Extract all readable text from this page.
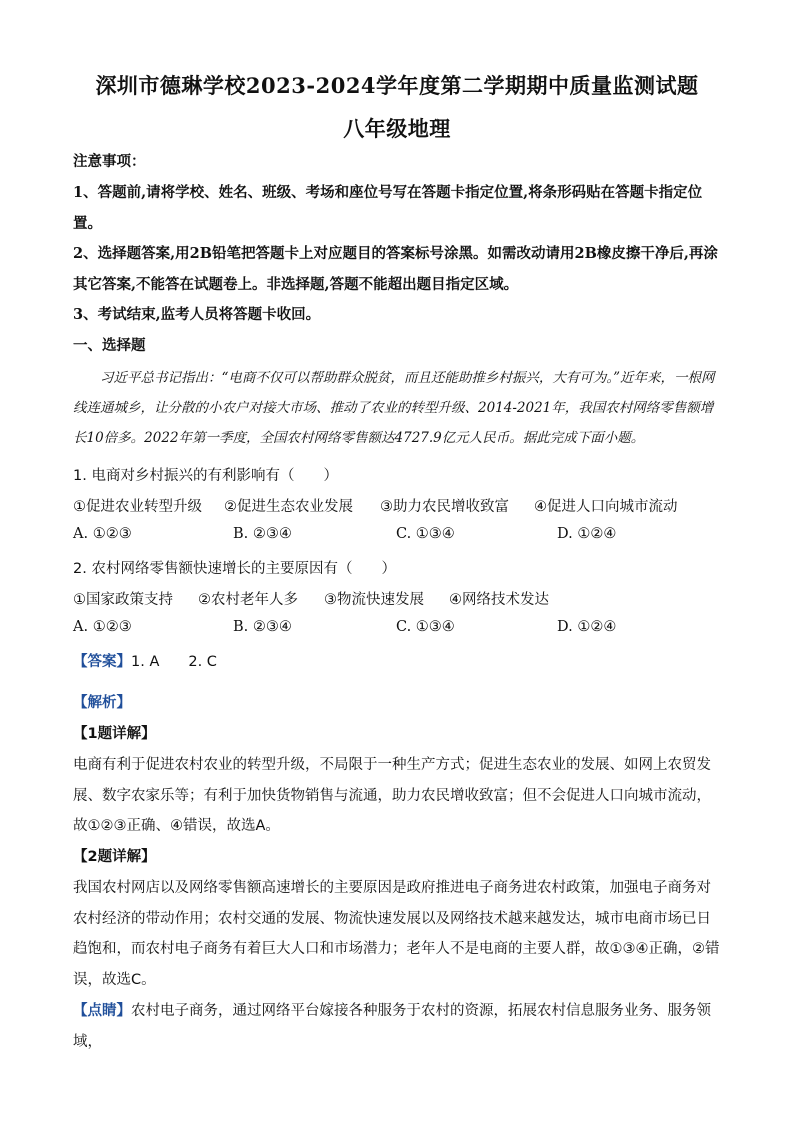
深圳市德琳学校2023-2024学年度第二学期期中质量监测试题
八年级地理
注意事项：
1、答题前,请将学校、姓名、班级、考场和座位号写在答题卡指定位置,将条形码贴在答题卡指定位置。
2、选择题答案,用2B铅笔把答题卡上对应题目的答案标号涂黑。如需改动请用2B橡皮擦干净后,再涂其它答案,不能答在试题卷上。非选择题,答题不能超出题目指定区域。
3、考试结束,监考人员将答题卡收回。
一、选择题
习近平总书记指出：“电商不仅可以帮助群众脱贫，而且还能助推乡村振兴，大有可为。”近年来，一根网线连通城乡，让分散的小农户对接大市场、推动了农业的转型升级、2014-2021年，我国农村网络零售额增长10倍多。2022年第一季度，全国农村网络零售额达4727.9亿元人民币。据此完成下面小题。
1. 电商对乡村振兴的有利影响有（　　）
①促进农业转型升级 ②促进生态农业发展 ③助力农民增收致富 ④促进人口向城市流动
A. ①②③	B. ②③④	C. ①③④	D. ①②④
2. 农村网络零售额快速增长的主要原因有（　　）
①国家政策支持 ②农村老年人多 ③物流快速发展 ④网络技术发达
A. ①②③	B. ②③④	C. ①③④	D. ①②④
【答案】1. A　　2. C
【解析】
【1题详解】
电商有利于促进农村农业的转型升级，不局限于一种生产方式；促进生态农业的发展、如网上农贸发展、数字农家乐等；有利于加快货物销售与流通，助力农民增收致富；但不会促进人口向城市流动，故①②③正确、④错误，故选A。
【2题详解】
我国农村网店以及网络零售额高速增长的主要原因是政府推进电子商务进农村政策，加强电子商务对农村经济的带动作用；农村交通的发展、物流快速发展以及网络技术越来越发达，城市电商市场已日趋饱和，而农村电子商务有着巨大人口和市场潜力；老年人不是电商的主要人群，故①③④正确，②错误，故选C。
【点睛】农村电子商务，通过网络平台嫁接各种服务于农村的资源，拓展农村信息服务业务、服务领域，
